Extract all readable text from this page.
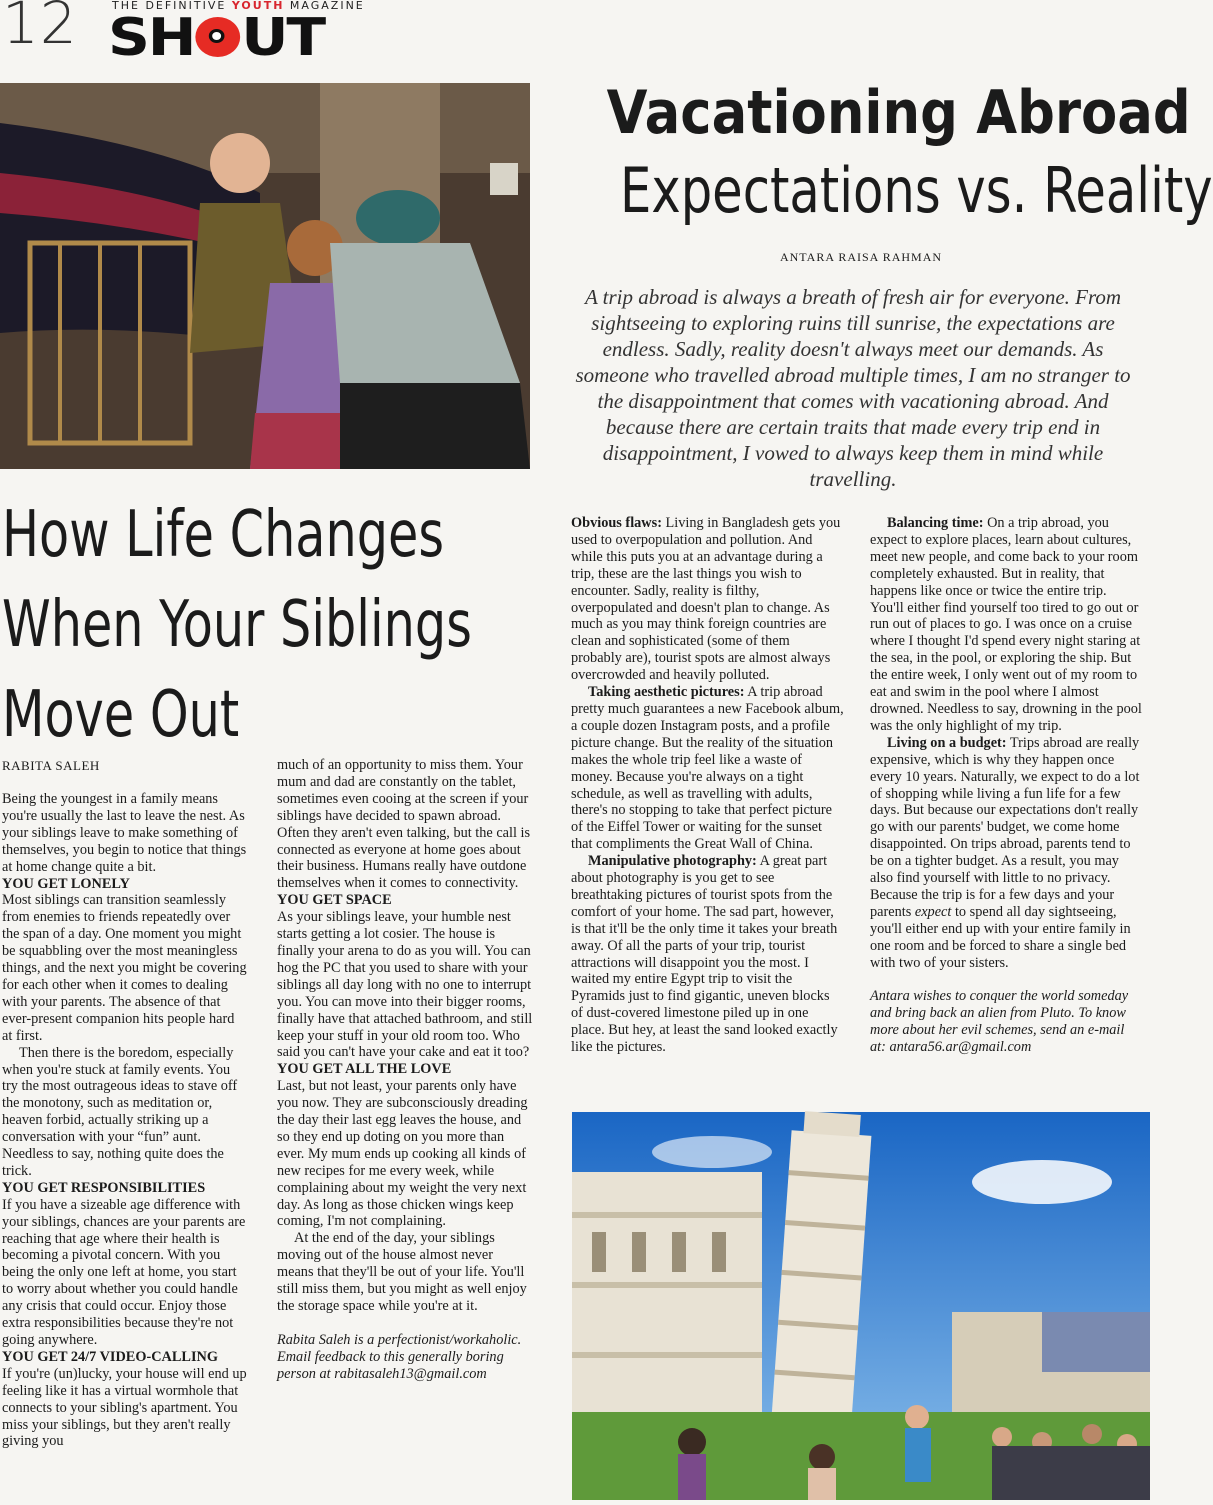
12	THE DEFINITIVE YOUTH MAGAZINE
SH UT
Vacationing Abroad
Expectations vs. Reality
ANTARA RAISA RAHMAN
A trip abroad is always a breath of fresh air for everyone. From sightseeing to exploring ruins till sunrise, the expectations are endless. Sadly, reality doesn't always meet our demands. As someone who travelled abroad multiple times, I am no stranger to the disappointment that comes with vacationing abroad. And because there are certain traits that made every trip end in disappointment, I vowed to always keep them in mind while travelling.
How Life Changes
When Your Siblings
Move Out
RABITA SALEH

Being the youngest in a family means you're usually the last to leave the nest. As your siblings leave to make something of themselves, you begin to notice that things at home change quite a bit.

YOU GET LONELY

Most siblings can transition seamlessly from enemies to friends repeatedly over the span of a day. One moment you might be squabbling over the most meaningless things, and the next you might be covering for each other when it comes to dealing with your parents. The absence of that ever-present companion hits people hard at first.

Then there is the boredom, especially when you're stuck at family events. You try the most outrageous ideas to stave off the monotony, such as meditation or, heaven forbid, actually striking up a conversation with your “fun” aunt. Needless to say, nothing quite does the trick.

YOU GET RESPONSIBILITIES

If you have a sizeable age difference with your siblings, chances are your parents are reaching that age where their health is becoming a pivotal concern. With you being the only one left at home, you start to worry about whether you could handle any crisis that could occur. Enjoy those extra responsibilities because they're not going anywhere.

YOU GET 24/7 VIDEO-CALLING

If you're (un)lucky, your house will end up feeling like it has a virtual wormhole that connects to your sibling's apartment. You miss your siblings, but they aren't really giving you

much of an opportunity to miss them. Your mum and dad are constantly on the tablet, sometimes even cooing at the screen if your siblings have decided to spawn abroad. Often they aren't even talking, but the call is connected as everyone at home goes about their business. Humans really have outdone themselves when it comes to connectivity.

YOU GET SPACE

As your siblings leave, your humble nest starts getting a lot cosier. The house is finally your arena to do as you will. You can hog the PC that you used to share with your siblings all day long with no one to interrupt you. You can move into their bigger rooms, finally have that attached bathroom, and still keep your stuff in your old room too. Who said you can't have your cake and eat it too?

YOU GET ALL THE LOVE

Last, but not least, your parents only have you now. They are subconsciously dreading the day their last egg leaves the house, and so they end up doting on you more than ever. My mum ends up cooking all kinds of new recipes for me every week, while complaining about my weight the very next day. As long as those chicken wings keep coming, I'm not complaining.

At the end of the day, your siblings moving out of the house almost never means that they'll be out of your life. You'll still miss them, but you might as well enjoy the storage space while you're at it.

Rabita Saleh is a perfectionist/workaholic. Email feedback to this generally boring person at rabitasaleh13@gmail.com

Obvious flaws: Living in Bangladesh gets you used to overpopulation and pollution. And while this puts you at an advantage during a trip, these are the last things you wish to encounter. Sadly, reality is filthy, overpopulated and doesn't plan to change. As much as you may think foreign countries are clean and sophisticated (some of them probably are), tourist spots are almost always overcrowded and heavily polluted.

Taking aesthetic pictures: A trip abroad pretty much guarantees a new Facebook album, a couple dozen Instagram posts, and a profile picture change. But the reality of the situation makes the whole trip feel like a waste of money. Because you're always on a tight schedule, as well as travelling with adults, there's no stopping to take that perfect picture of the Eiffel Tower or waiting for the sunset that compliments the Great Wall of China.

Manipulative photography: A great part about photography is you get to see breathtaking pictures of tourist spots from the comfort of your home. The sad part, however, is that it'll be the only time it takes your breath away. Of all the parts of your trip, tourist attractions will disappoint you the most. I waited my entire Egypt trip to visit the Pyramids just to find gigantic, uneven blocks of dust-covered limestone piled up in one place. But hey, at least the sand looked exactly like the pictures.

Balancing time: On a trip abroad, you expect to explore places, learn about cultures, meet new people, and come back to your room completely exhausted. But in reality, that happens like once or twice the entire trip. You'll either find yourself too tired to go out or run out of places to go. I was once on a cruise where I thought I'd spend every night staring at the sea, in the pool, or exploring the ship. But the entire week, I only went out of my room to eat and swim in the pool where I almost drowned. Needless to say, drowning in the pool was the only highlight of my trip.

Living on a budget: Trips abroad are really expensive, which is why they happen once every 10 years. Naturally, we expect to do a lot of shopping while living a fun life for a few days. But because our expectations don't really go with our parents' budget, we come home disappointed. On trips abroad, parents tend to be on a tighter budget. As a result, you may also find yourself with little to no privacy. Because the trip is for a few days and your parents expect to spend all day sightseeing, you'll either end up with your entire family in one room and be forced to share a single bed with two of your sisters.

Antara wishes to conquer the world someday and bring back an alien from Pluto. To know more about her evil schemes, send an e-mail at: antara56.ar@gmail.com
